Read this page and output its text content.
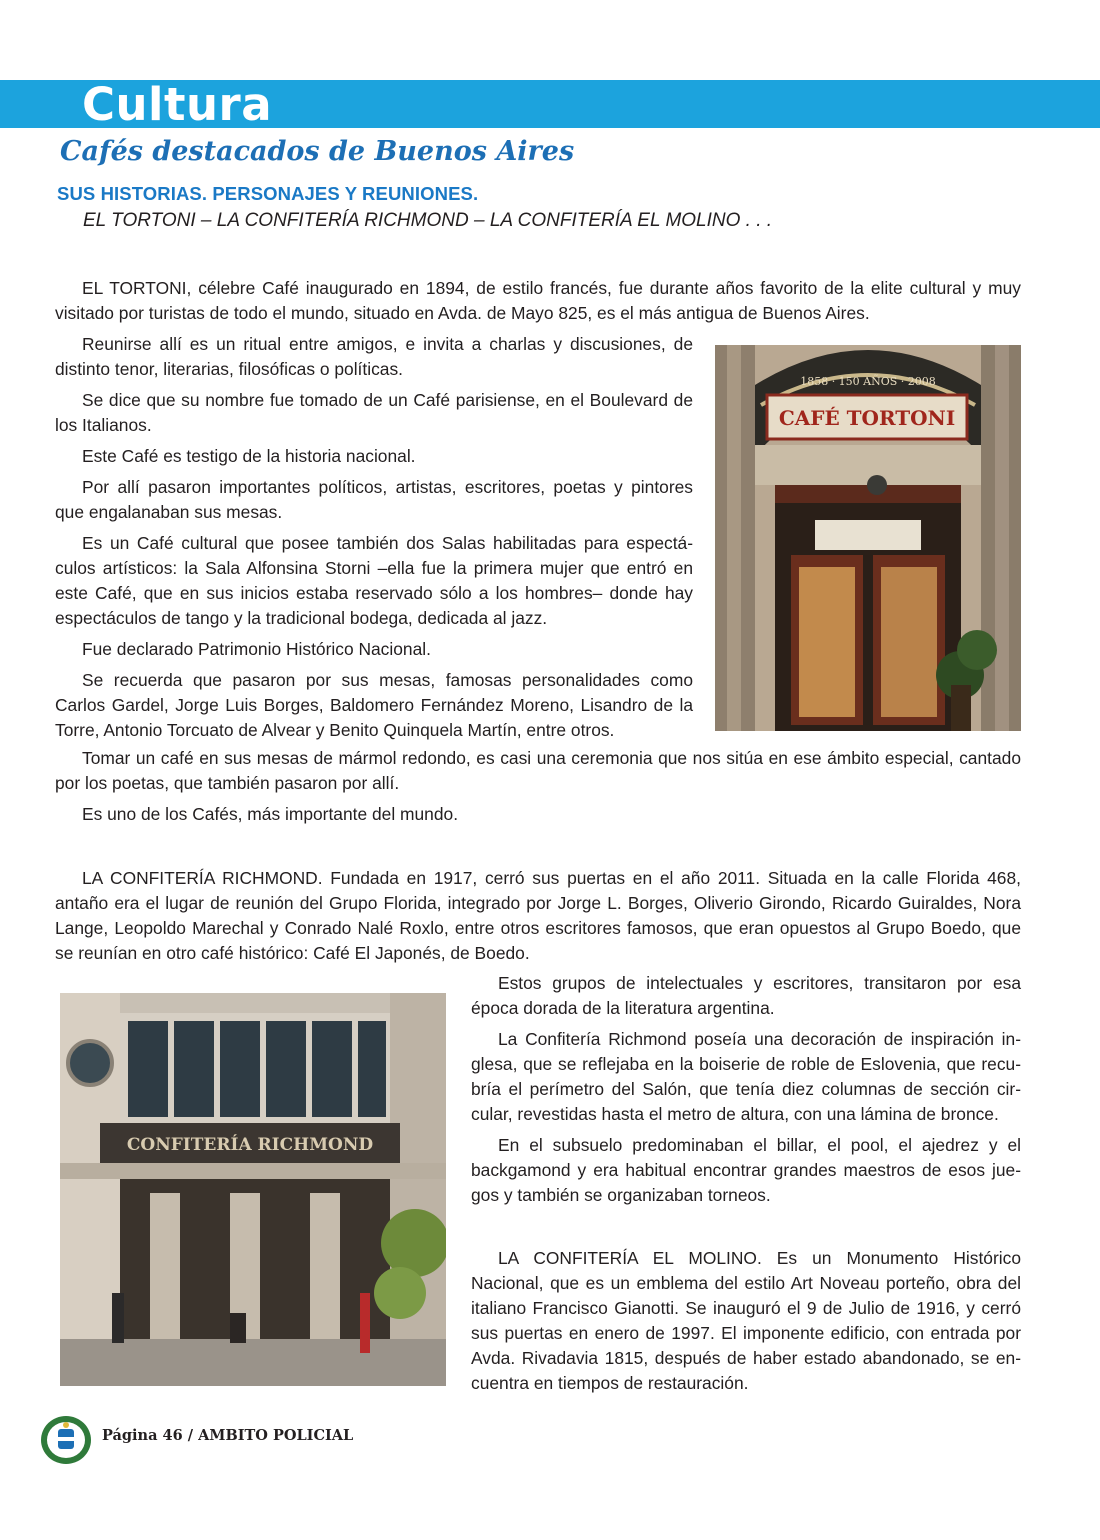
Cultura
Cafés destacados de Buenos Aires
SUS HISTORIAS. PERSONAJES Y REUNIONES.
EL TORTONI – LA CONFITERÍA RICHMOND – LA CONFITERÍA EL MOLINO . . .

EL TORTONI, célebre Café inaugurado en 1894, de estilo francés, fue durante años favorito de la elite cultural y muy visitado por turistas de todo el mundo, situado en Avda. de Mayo 825, es el más antigua de Buenos Aires.

Reunirse allí es un ritual entre amigos, e invita a charlas y discusiones, de distinto tenor, literarias, filosóficas o políticas.

Se dice que su nombre fue tomado de un Café parisiense, en el Boulevard de los Italianos.

Este Café es testigo de la historia nacional.

Por allí pasaron importantes políticos, artistas, escritores, poetas y pintores que engalanaban sus mesas.

Es un Café cultural que posee también dos Salas habilitadas para espectáculos artísticos: la Sala Alfonsina Storni –ella fue la primera mujer que entró en este Café, que en sus inicios estaba reservado sólo a los hombres– donde hay espectáculos de tango y la tradicional bodega, dedicada al jazz.

Fue declarado Patrimonio Histórico Nacional.

Se recuerda que pasaron por sus mesas, famosas personalidades como Carlos Gardel, Jorge Luis Borges, Baldomero Fernández Moreno, Lisandro de la Torre, Antonio Torcuato de Alvear y Benito Quinquela Martín, entre otros.

1858 · 150 AÑOS · 2008
CAFÉ TORTONI

Tomar un café en sus mesas de mármol redondo, es casi una ceremonia que nos sitúa en ese ámbito especial, cantado por los poetas, que también pasaron por allí.

Es uno de los Cafés, más importante del mundo.

LA CONFITERÍA RICHMOND. Fundada en 1917, cerró sus puertas en el año 2011. Situada en la calle Florida 468, antaño era el lugar de reunión del Grupo Florida, integrado por Jorge L. Borges, Oliverio Girondo, Ricardo Guiraldes, Nora Lange, Leopoldo Marechal y Conrado Nalé Roxlo, entre otros escritores famosos, que eran opuestos al Grupo Boedo, que se reunían en otro café histórico: Café El Japonés, de Boedo.

CONFITERÍA RICHMOND

Estos grupos de intelectuales y escritores, transitaron por esa época dorada de la literatura argentina.

La Confitería Richmond poseía una decoración de inspiración inglesa, que se reflejaba en la boiserie de roble de Eslovenia, que recubría el perímetro del Salón, que tenía diez columnas de sección circular, revestidas hasta el metro de altura, con una lámina de bronce.

En el subsuelo predominaban el billar, el pool, el ajedrez y el backgamond y era habitual encontrar grandes maestros de esos juegos y también se organizaban torneos.

LA CONFITERÍA EL MOLINO. Es un Monumento Histórico Nacional, que es un emblema del estilo Art Noveau porteño, obra del italiano Francisco Gianotti. Se inauguró el 9 de Julio de 1916, y cerró sus puertas en enero de 1997. El imponente edificio, con entrada por Avda. Rivadavia 1815, después de haber estado abandonado, se encuentra en tiempos de restauración.

Página 46 / AMBITO POLICIAL
